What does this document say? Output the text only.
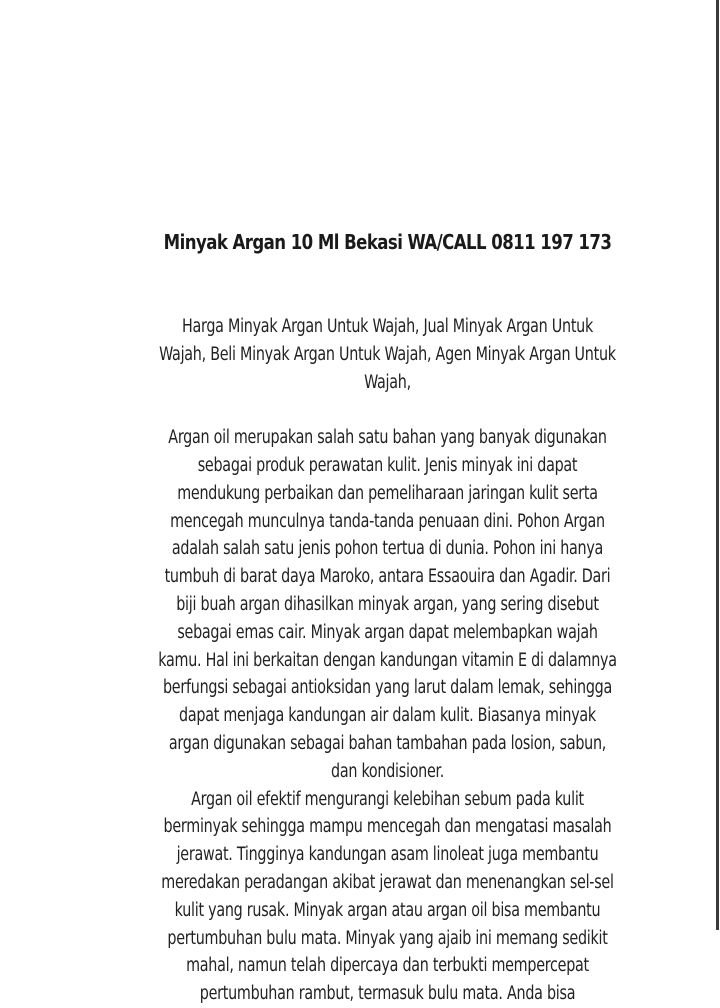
Minyak Argan 10 Ml Bekasi WA/CALL 0811 197 173

Harga Minyak Argan Untuk Wajah, Jual Minyak Argan Untuk Wajah, Beli Minyak Argan Untuk Wajah, Agen Minyak Argan Untuk Wajah,

Argan oil merupakan salah satu bahan yang banyak digunakan sebagai produk perawatan kulit. Jenis minyak ini dapat mendukung perbaikan dan pemeliharaan jaringan kulit serta mencegah munculnya tanda-tanda penuaan dini. Pohon Argan adalah salah satu jenis pohon tertua di dunia. Pohon ini hanya tumbuh di barat daya Maroko, antara Essaouira dan Agadir. Dari biji buah argan dihasilkan minyak argan, yang sering disebut sebagai emas cair. Minyak argan dapat melembapkan wajah kamu. Hal ini berkaitan dengan kandungan vitamin E di dalamnya berfungsi sebagai antioksidan yang larut dalam lemak, sehingga dapat menjaga kandungan air dalam kulit. Biasanya minyak argan digunakan sebagai bahan tambahan pada losion, sabun, dan kondisioner.

Argan oil efektif mengurangi kelebihan sebum pada kulit berminyak sehingga mampu mencegah dan mengatasi masalah jerawat. Tingginya kandungan asam linoleat juga membantu meredakan peradangan akibat jerawat dan menenangkan sel-sel kulit yang rusak. Minyak argan atau argan oil bisa membantu pertumbuhan bulu mata. Minyak yang ajaib ini memang sedikit mahal, namun telah dipercaya dan terbukti mempercepat pertumbuhan rambut, termasuk bulu mata. Anda bisa
